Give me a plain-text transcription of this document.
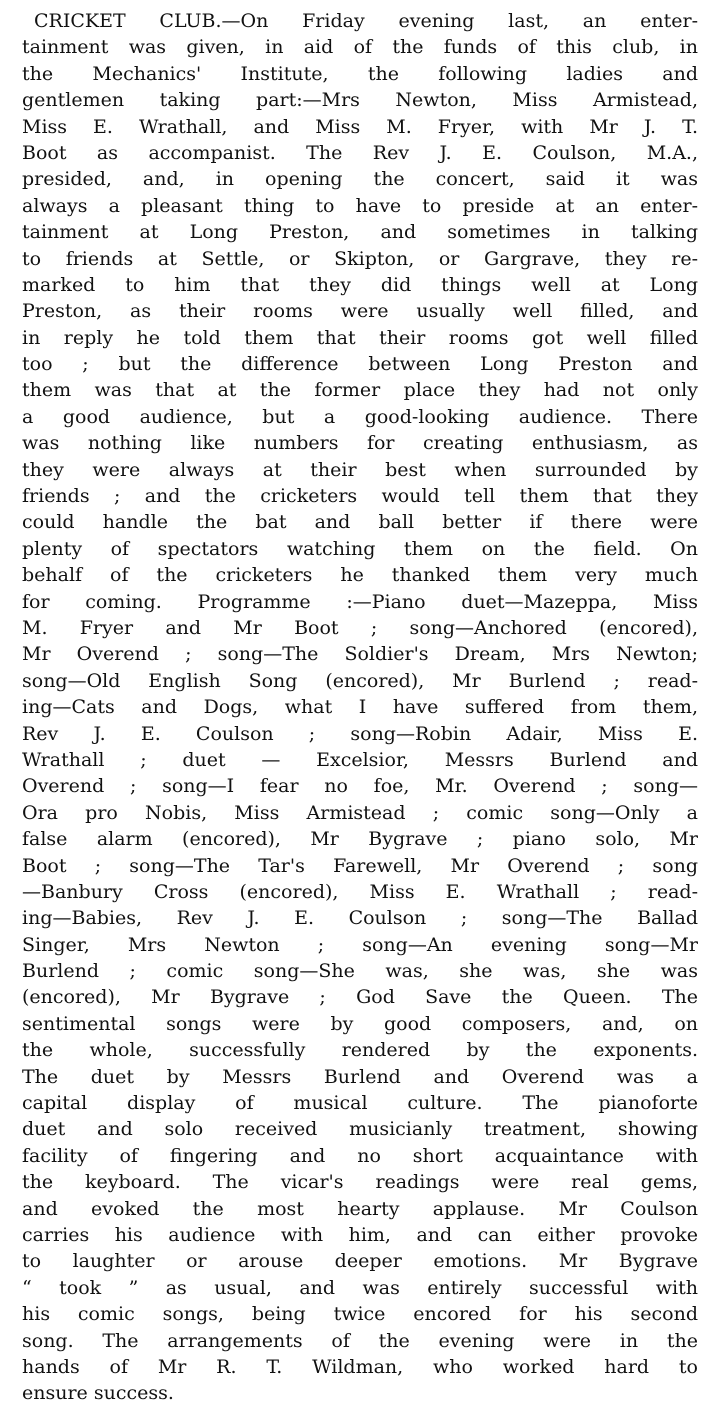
CRICKET CLUB.—On Friday evening last, an enter-
tainment was given, in aid of the funds of this club, in
the Mechanics' Institute, the following ladies and
gentlemen taking part:—Mrs Newton, Miss Armistead,
Miss E. Wrathall, and Miss M. Fryer, with Mr J. T.
Boot as accompanist. The Rev J. E. Coulson, M.A.,
presided, and, in opening the concert, said it was
always a pleasant thing to have to preside at an enter-
tainment at Long Preston, and sometimes in talking
to friends at Settle, or Skipton, or Gargrave, they re-
marked to him that they did things well at Long
Preston, as their rooms were usually well filled, and
in reply he told them that their rooms got well filled
too ; but the difference between Long Preston and
them was that at the former place they had not only
a good audience, but a good-looking audience. There
was nothing like numbers for creating enthusiasm, as
they were always at their best when surrounded by
friends ; and the cricketers would tell them that they
could handle the bat and ball better if there were
plenty of spectators watching them on the field. On
behalf of the cricketers he thanked them very much
for coming. Programme :—Piano duet—Mazeppa, Miss
M. Fryer and Mr Boot ; song—Anchored (encored),
Mr Overend ; song—The Soldier's Dream, Mrs Newton;
song—Old English Song (encored), Mr Burlend ; read-
ing—Cats and Dogs, what I have suffered from them,
Rev J. E. Coulson ; song—Robin Adair, Miss E.
Wrathall ; duet — Excelsior, Messrs Burlend and
Overend ; song—I fear no foe, Mr. Overend ; song—
Ora pro Nobis, Miss Armistead ; comic song—Only a
false alarm (encored), Mr Bygrave ; piano solo, Mr
Boot ; song—The Tar's Farewell, Mr Overend ; song
—Banbury Cross (encored), Miss E. Wrathall ; read-
ing—Babies, Rev J. E. Coulson ; song—The Ballad
Singer, Mrs Newton ; song—An evening song—Mr
Burlend ; comic song—She was, she was, she was
(encored), Mr Bygrave ; God Save the Queen. The
sentimental songs were by good composers, and, on
the whole, successfully rendered by the exponents.
The duet by Messrs Burlend and Overend was a
capital display of musical culture. The pianoforte
duet and solo received musicianly treatment, showing
facility of fingering and no short acquaintance with
the keyboard. The vicar's readings were real gems,
and evoked the most hearty applause. Mr Coulson
carries his audience with him, and can either provoke
to laughter or arouse deeper emotions. Mr Bygrave
“ took ” as usual, and was entirely successful with
his comic songs, being twice encored for his second
song. The arrangements of the evening were in the
hands of Mr R. T. Wildman, who worked hard to
ensure success.
